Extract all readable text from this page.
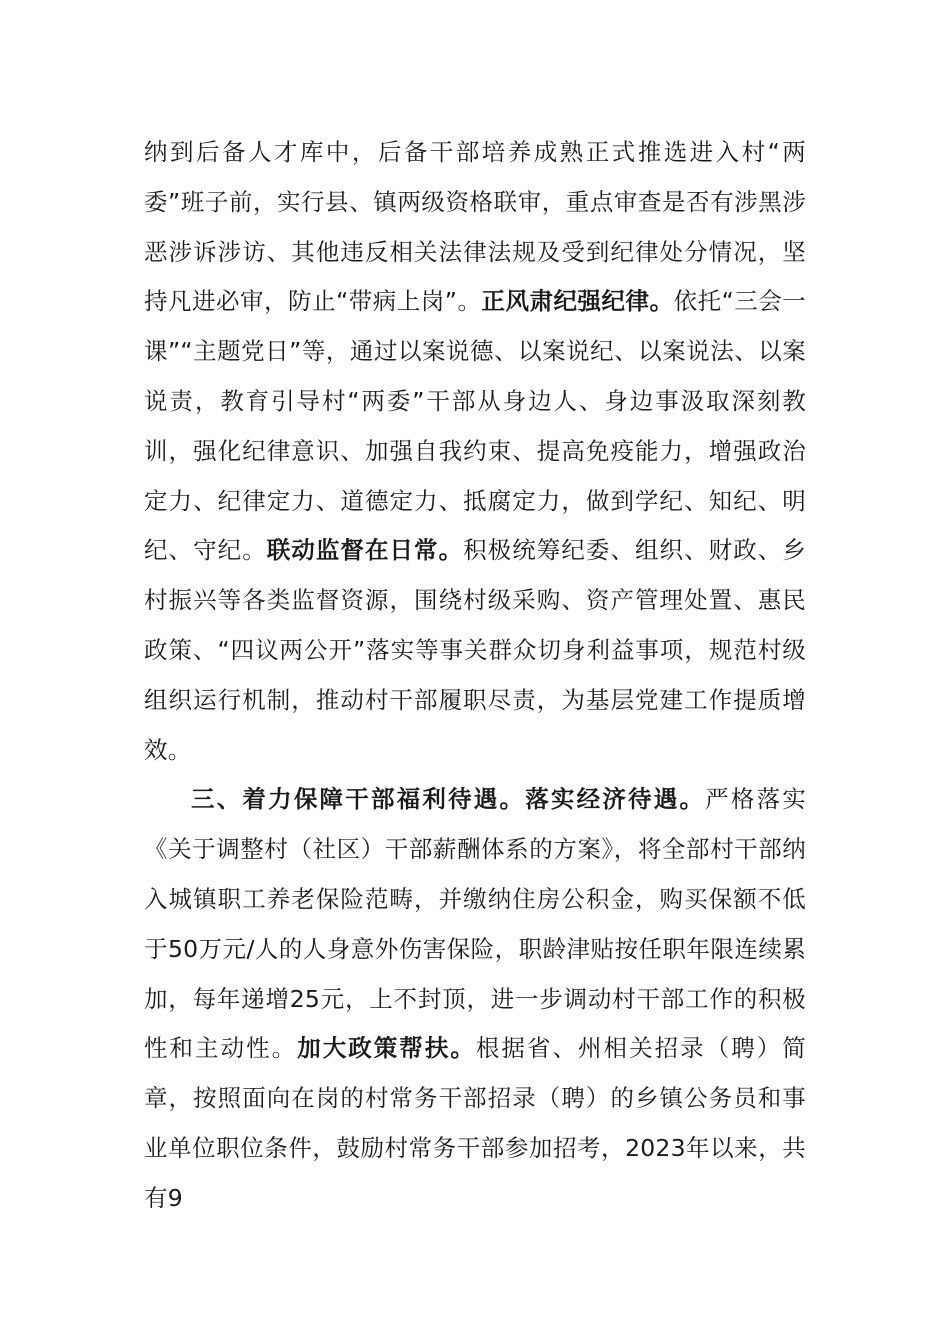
纳到后备人才库中，后备干部培养成熟正式推选进入村“两委”班子前，实行县、镇两级资格联审，重点审查是否有涉黑涉恶涉诉涉访、其他违反相关法律法规及受到纪律处分情况，坚持凡进必审，防止“带病上岗”。正风肃纪强纪律。依托“三会一课”“主题党日”等，通过以案说德、以案说纪、以案说法、以案说责，教育引导村“两委”干部从身边人、身边事汲取深刻教训，强化纪律意识、加强自我约束、提高免疫能力，增强政治定力、纪律定力、道德定力、抵腐定力，做到学纪、知纪、明纪、守纪。联动监督在日常。积极统筹纪委、组织、财政、乡村振兴等各类监督资源，围绕村级采购、资产管理处置、惠民政策、“四议两公开”落实等事关群众切身利益事项，规范村级组织运行机制，推动村干部履职尽责，为基层党建工作提质增效。

三、着力保障干部福利待遇。落实经济待遇。严格落实《关于调整村（社区）干部薪酬体系的方案》，将全部村干部纳入城镇职工养老保险范畴，并缴纳住房公积金，购买保额不低于50万元/人的人身意外伤害保险，职龄津贴按任职年限连续累加，每年递增25元，上不封顶，进一步调动村干部工作的积极性和主动性。加大政策帮扶。根据省、州相关招录（聘）简章，按照面向在岗的村常务干部招录（聘）的乡镇公务员和事业单位职位条件，鼓励村常务干部参加招考，2023年以来，共有9
